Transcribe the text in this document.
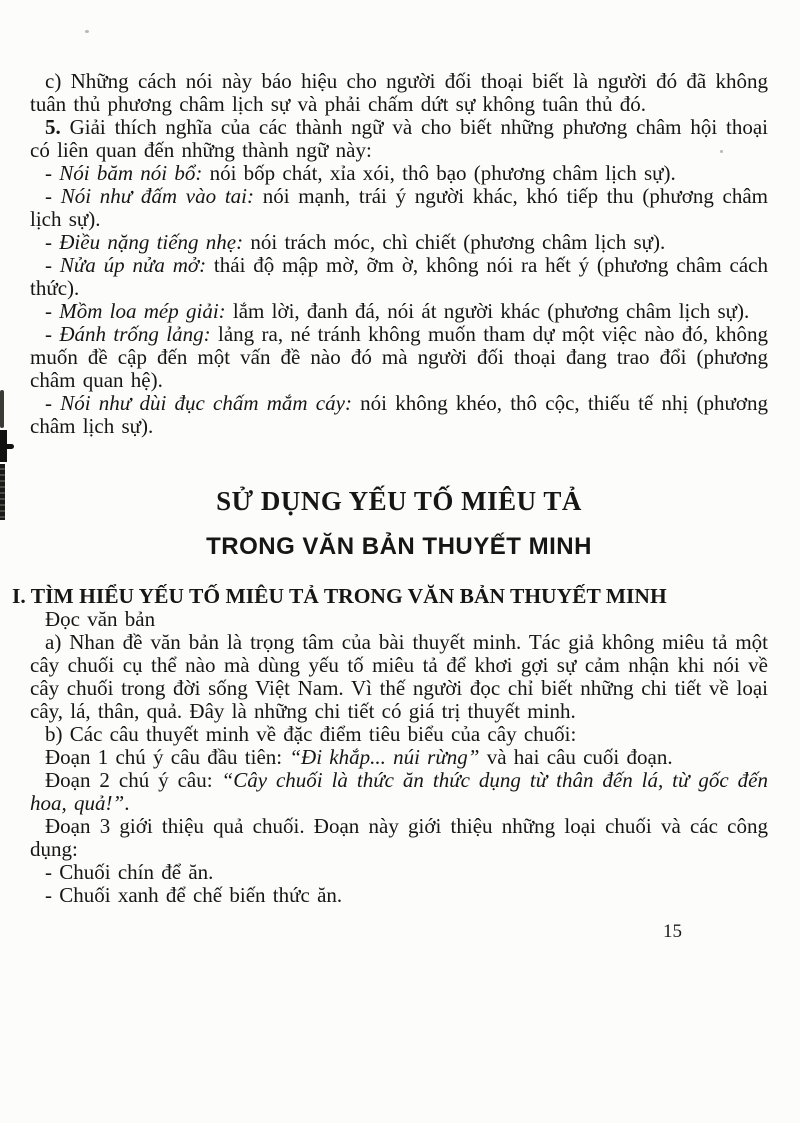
c) Những cách nói này báo hiệu cho người đối thoại biết là người đó đã không tuân thủ phương châm lịch sự và phải chấm dứt sự không tuân thủ đó.

5. Giải thích nghĩa của các thành ngữ và cho biết những phương châm hội thoại có liên quan đến những thành ngữ này:

- Nói băm nói bổ: nói bốp chát, xỉa xói, thô bạo (phương châm lịch sự).

- Nói như đấm vào tai: nói mạnh, trái ý người khác, khó tiếp thu (phương châm lịch sự).

- Điều nặng tiếng nhẹ: nói trách móc, chì chiết (phương châm lịch sự).

- Nửa úp nửa mở: thái độ mập mờ, ỡm ờ, không nói ra hết ý (phương châm cách thức).

- Mồm loa mép giải: lắm lời, đanh đá, nói át người khác (phương châm lịch sự).

- Đánh trống lảng: lảng ra, né tránh không muốn tham dự một việc nào đó, không muốn đề cập đến một vấn đề nào đó mà người đối thoại đang trao đổi (phương châm quan hệ).

- Nói như dùi đục chấm mắm cáy: nói không khéo, thô cộc, thiếu tế nhị (phương châm lịch sự).

SỬ DỤNG YẾU TỐ MIÊU TẢ
TRONG VĂN BẢN THUYẾT MINH
I. TÌM HIỂU YẾU TỐ MIÊU TẢ TRONG VĂN BẢN THUYẾT MINH

Đọc văn bản

a) Nhan đề văn bản là trọng tâm của bài thuyết minh. Tác giả không miêu tả một cây chuối cụ thể nào mà dùng yếu tố miêu tả để khơi gợi sự cảm nhận khi nói về cây chuối trong đời sống Việt Nam. Vì thế người đọc chỉ biết những chi tiết về loại cây, lá, thân, quả. Đây là những chi tiết có giá trị thuyết minh.

b) Các câu thuyết minh về đặc điểm tiêu biểu của cây chuối:

Đoạn 1 chú ý câu đầu tiên: “Đi khắp... núi rừng” và hai câu cuối đoạn.

Đoạn 2 chú ý câu: “Cây chuối là thức ăn thức dụng từ thân đến lá, từ gốc đến hoa, quả!”.

Đoạn 3 giới thiệu quả chuối. Đoạn này giới thiệu những loại chuối và các công dụng:

- Chuối chín để ăn.

- Chuối xanh để chế biến thức ăn.

15
